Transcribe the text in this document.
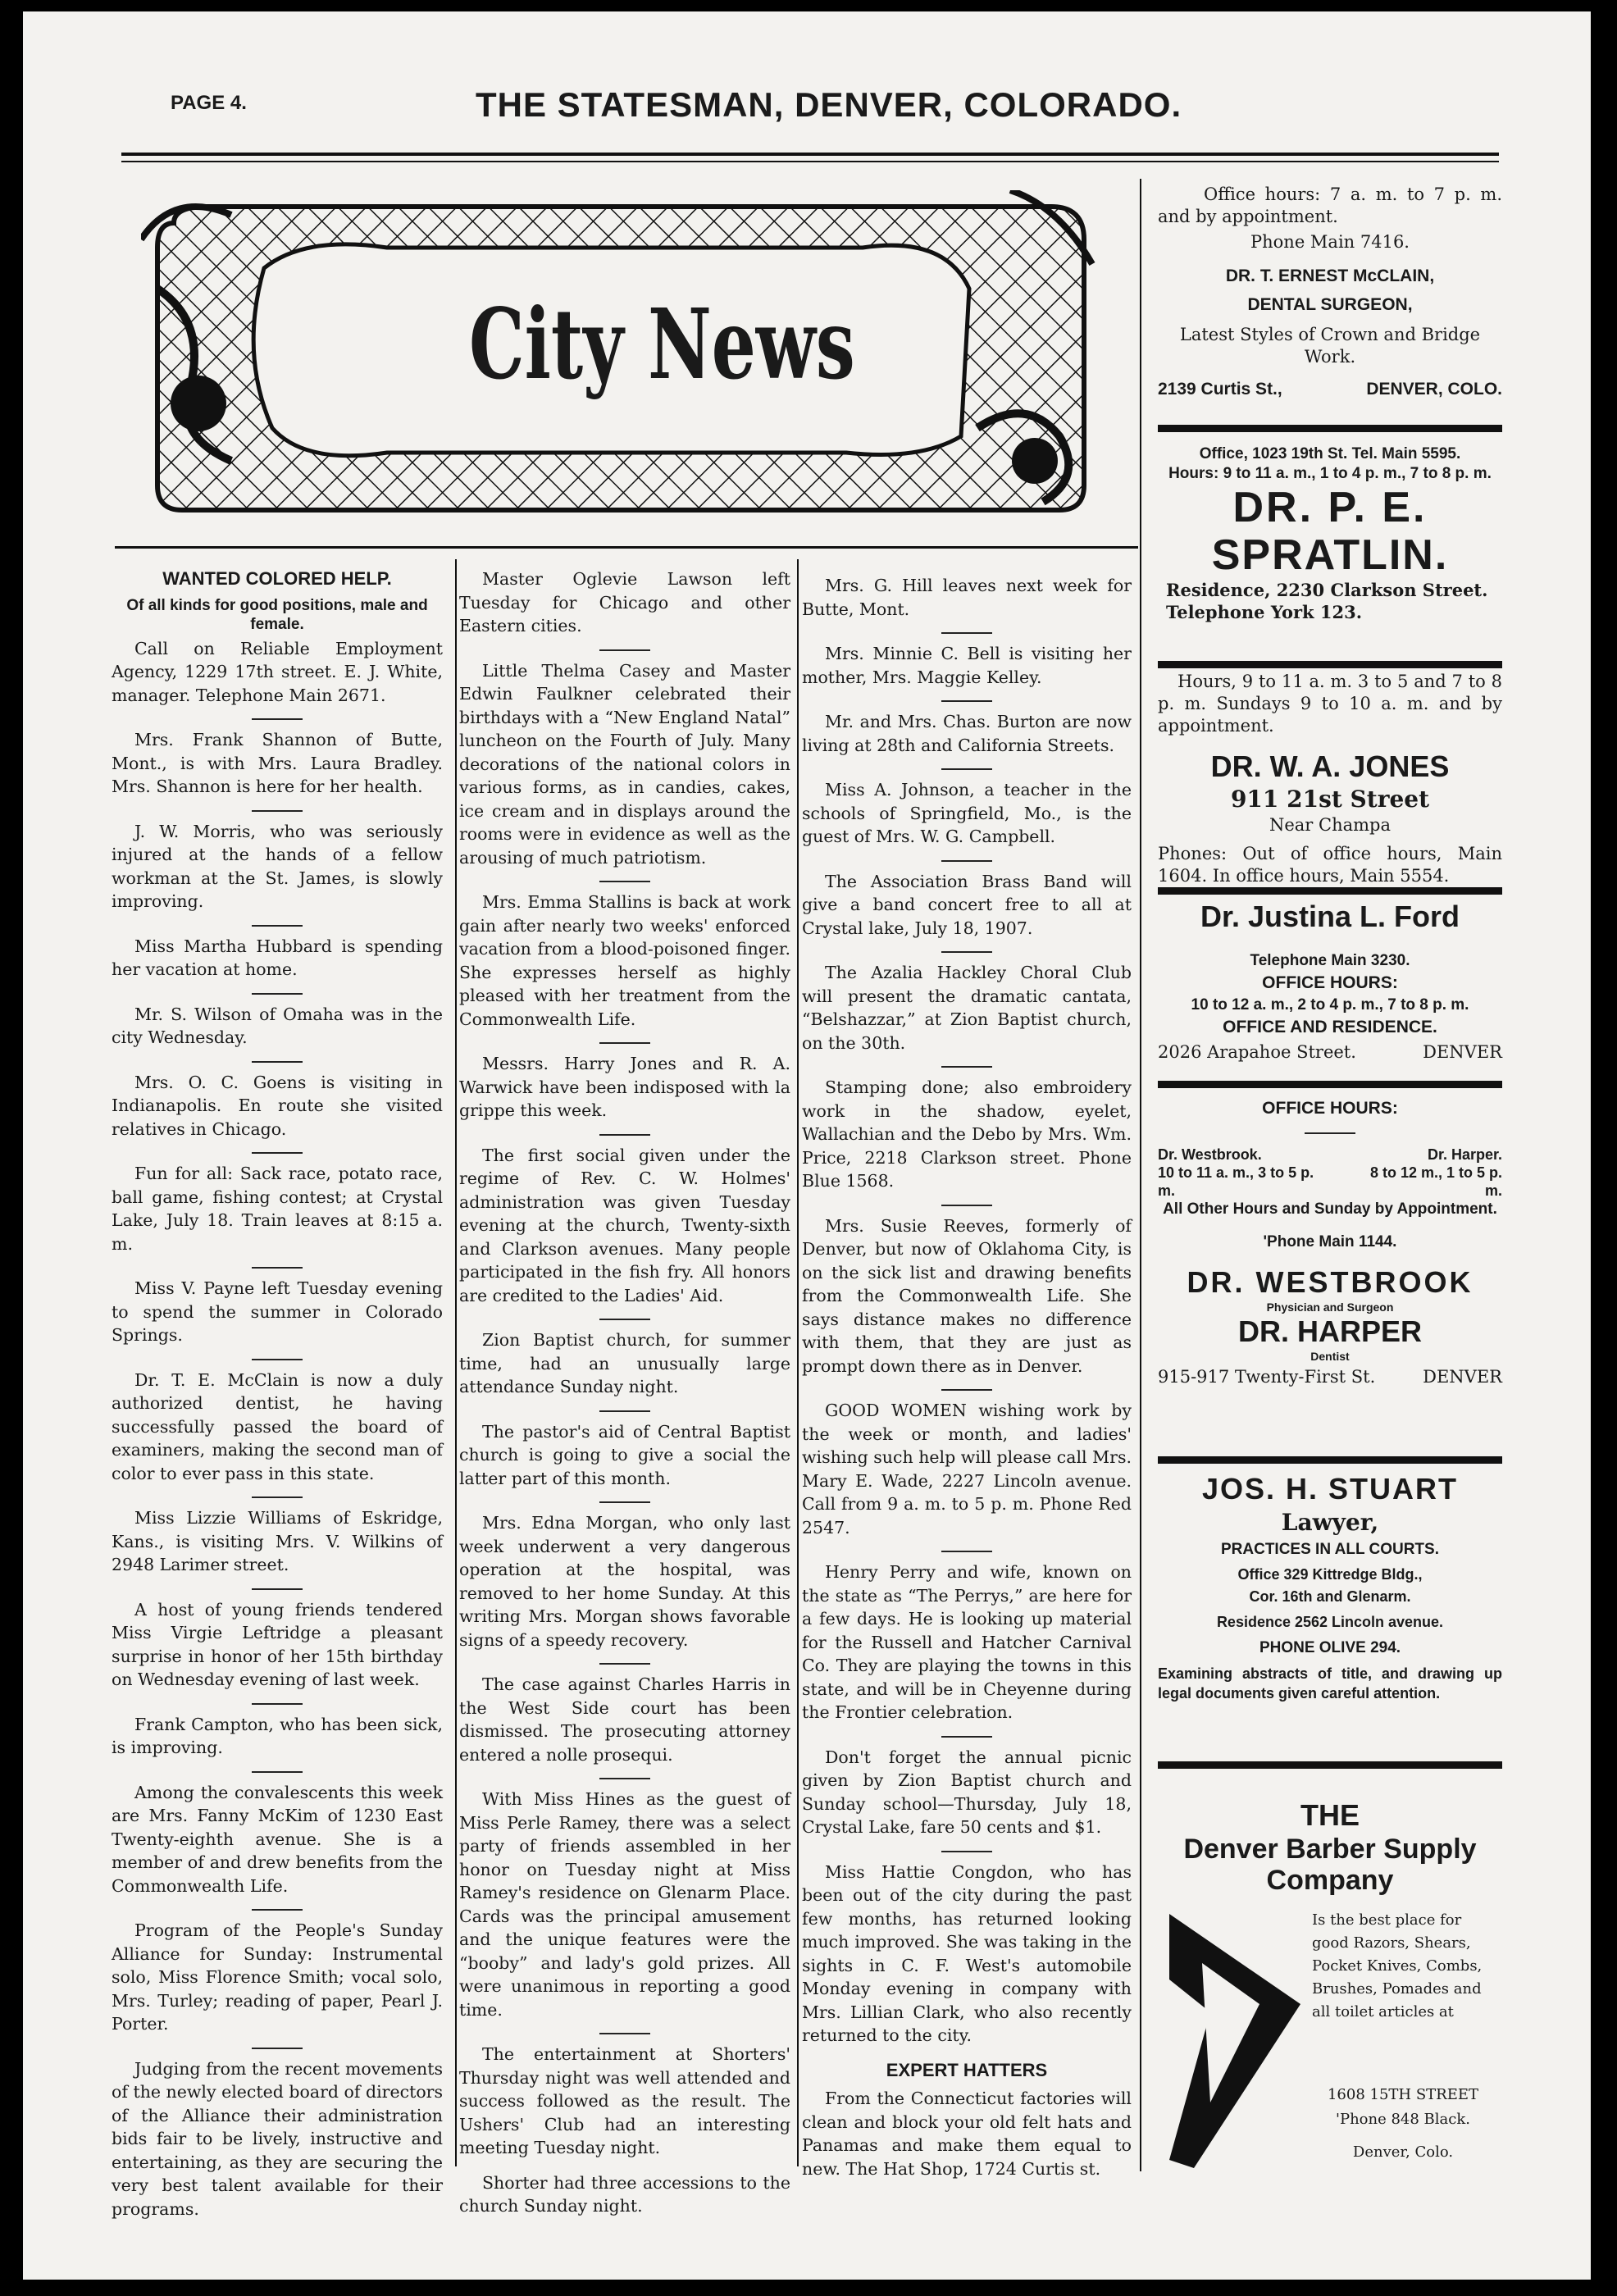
PAGE 4.	THE STATESMAN, DENVER, COLORADO.
City News
WANTED COLORED HELP.
Of all kinds for good positions, male and female.

Call on Reliable Employment Agency, 1229 17th street. E. J. White, manager. Telephone Main 2671.

Mrs. Frank Shannon of Butte, Mont., is with Mrs. Laura Bradley. Mrs. Shannon is here for her health.

J. W. Morris, who was seriously injured at the hands of a fellow workman at the St. James, is slowly improving.

Miss Martha Hubbard is spending her vacation at home.

Mr. S. Wilson of Omaha was in the city Wednesday.

Mrs. O. C. Goens is visiting in Indianapolis. En route she visited relatives in Chicago.

Fun for all: Sack race, potato race, ball game, fishing contest; at Crystal Lake, July 18. Train leaves at 8:15 a. m.

Miss V. Payne left Tuesday evening to spend the summer in Colorado Springs.

Dr. T. E. McClain is now a duly authorized dentist, he having successfully passed the board of examiners, making the second man of color to ever pass in this state.

Miss Lizzie Williams of Eskridge, Kans., is visiting Mrs. V. Wilkins of 2948 Larimer street.

A host of young friends tendered Miss Virgie Leftridge a pleasant surprise in honor of her 15th birthday on Wednesday evening of last week.

Frank Campton, who has been sick, is improving.

Among the convalescents this week are Mrs. Fanny McKim of 1230 East Twenty-eighth avenue. She is a member of and drew benefits from the Commonwealth Life.

Program of the People's Sunday Alliance for Sunday: Instrumental solo, Miss Florence Smith; vocal solo, Mrs. Turley; reading of paper, Pearl J. Porter.

Judging from the recent movements of the newly elected board of directors of the Alliance their administration bids fair to be lively, instructive and entertaining, as they are securing the very best talent available for their programs.

Master Oglevie Lawson left Tuesday for Chicago and other Eastern cities.

Little Thelma Casey and Master Edwin Faulkner celebrated their birthdays with a “New England Natal” luncheon on the Fourth of July. Many decorations of the national colors in various forms, as in candies, cakes, ice cream and in displays around the rooms were in evidence as well as the arousing of much patriotism.

Mrs. Emma Stallins is back at work gain after nearly two weeks' enforced vacation from a blood-poisoned finger. She expresses herself as highly pleased with her treatment from the Commonwealth Life.

Messrs. Harry Jones and R. A. Warwick have been indisposed with la grippe this week.

The first social given under the regime of Rev. C. W. Holmes' administration was given Tuesday evening at the church, Twenty-sixth and Clarkson avenues. Many people participated in the fish fry. All honors are credited to the Ladies' Aid.

Zion Baptist church, for summer time, had an unusually large attendance Sunday night.

The pastor's aid of Central Baptist church is going to give a social the latter part of this month.

Mrs. Edna Morgan, who only last week underwent a very dangerous operation at the hospital, was removed to her home Sunday. At this writing Mrs. Morgan shows favorable signs of a speedy recovery.

The case against Charles Harris in the West Side court has been dismissed. The prosecuting attorney entered a nolle prosequi.

With Miss Hines as the guest of Miss Perle Ramey, there was a select party of friends assembled in her honor on Tuesday night at Miss Ramey's residence on Glenarm Place. Cards was the principal amusement and the unique features were the “booby” and lady's gold prizes. All were unanimous in reporting a good time.

The entertainment at Shorters' Thursday night was well attended and success followed as the result. The Ushers' Club had an interesting meeting Tuesday night.

Shorter had three accessions to the church Sunday night.

Mrs. G. Hill leaves next week for Butte, Mont.

Mrs. Minnie C. Bell is visiting her mother, Mrs. Maggie Kelley.

Mr. and Mrs. Chas. Burton are now living at 28th and California Streets.

Miss A. Johnson, a teacher in the schools of Springfield, Mo., is the guest of Mrs. W. G. Campbell.

The Association Brass Band will give a band concert free to all at Crystal lake, July 18, 1907.

The Azalia Hackley Choral Club will present the dramatic cantata, “Belshazzar,” at Zion Baptist church, on the 30th.

Stamping done; also embroidery work in the shadow, eyelet, Wallachian and the Debo by Mrs. Wm. Price, 2218 Clarkson street. Phone Blue 1568.

Mrs. Susie Reeves, formerly of Denver, but now of Oklahoma City, is on the sick list and drawing benefits from the Commonwealth Life. She says distance makes no difference with them, that they are just as prompt down there as in Denver.

GOOD WOMEN wishing work by the week or month, and ladies' wishing such help will please call Mrs. Mary E. Wade, 2227 Lincoln avenue. Call from 9 a. m. to 5 p. m. Phone Red 2547.

Henry Perry and wife, known on the state as “The Perrys,” are here for a few days. He is looking up material for the Russell and Hatcher Carnival Co. They are playing the towns in this state, and will be in Cheyenne during the Frontier celebration.

Don't forget the annual picnic given by Zion Baptist church and Sunday school—Thursday, July 18, Crystal Lake, fare 50 cents and $1.

Miss Hattie Congdon, who has been out of the city during the past few months, has returned looking much improved. She was taking in the sights in C. F. West's automobile Monday evening in company with Mrs. Lillian Clark, who also recently returned to the city.

EXPERT HATTERS

From the Connecticut factories will clean and block your old felt hats and Panamas and make them equal to new. The Hat Shop, 1724 Curtis st.

Office hours: 7 a. m. to 7 p. m. and by appointment.
Phone Main 7416.
DR. T. ERNEST McCLAIN,
DENTAL SURGEON,
Latest Styles of Crown and Bridge Work.
2139 Curtis St.,	DENVER, COLO.
Office, 1023 19th St. Tel. Main 5595.
Hours: 9 to 11 a. m., 1 to 4 p. m., 7 to 8 p. m.
DR. P. E.
SPRATLIN.
Residence, 2230 Clarkson Street.
Telephone York 123.
Hours, 9 to 11 a. m. 3 to 5 and 7 to 8 p. m. Sundays 9 to 10 a. m. and by appointment.
DR. W. A. JONES
911 21st Street
Near Champa
Phones: Out of office hours, Main 1604. In office hours, Main 5554.
Dr. Justina L. Ford
Telephone Main 3230.
OFFICE HOURS:
10 to 12 a. m., 2 to 4 p. m., 7 to 8 p. m.
OFFICE AND RESIDENCE.
2026 Arapahoe Street.	DENVER
OFFICE HOURS:
Dr. Westbrook.
10 to 11 a. m., 3 to 5 p. m.
Dr. Harper.
8 to 12 m., 1 to 5 p. m.
All Other Hours and Sunday by Appointment.
'Phone Main 1144.
DR. WESTBROOK
Physician and Surgeon
DR. HARPER
Dentist
915-917 Twenty-First St.	DENVER
JOS. H. STUART
Lawyer,
PRACTICES IN ALL COURTS.
Office 329 Kittredge Bldg.,
Cor. 16th and Glenarm.
Residence 2562 Lincoln avenue.
PHONE OLIVE 294.
Examining abstracts of title, and drawing up legal documents given careful attention.
THE
Denver Barber Supply Company
Is the best place for good Razors, Shears, Pocket Knives, Combs, Brushes, Pomades and all toilet articles at
1608 15TH STREET
'Phone 848 Black.
Denver, Colo.
